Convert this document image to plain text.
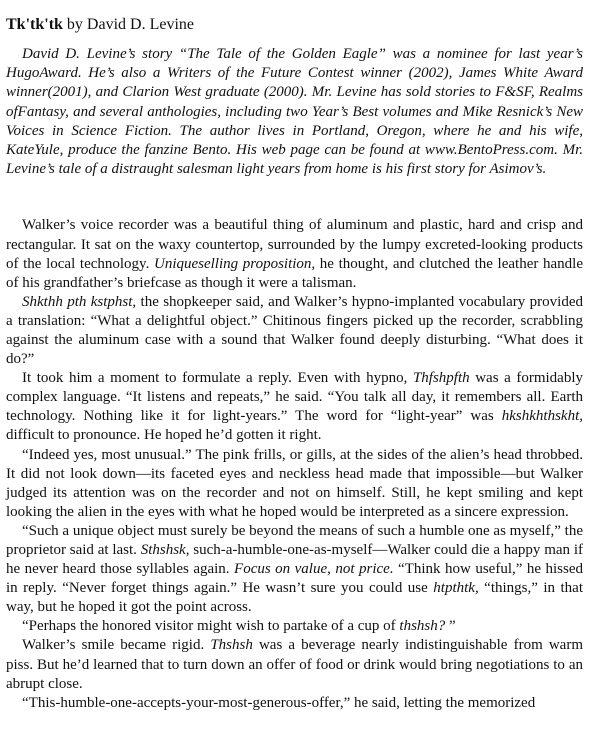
Tk'tk'tk by David D. Levine
David D. Levine’s story “The Tale of the Golden Eagle” was a nominee for last year’s HugoAward. He’s also a Writers of the Future Contest winner (2002), James White Award winner(2001), and Clarion West graduate (2000). Mr. Levine has sold stories to F&SF, Realms ofFantasy, and several anthologies, including two Year’s Best volumes and Mike Resnick’s New Voices in Science Fiction. The author lives in Portland, Oregon, where he and his wife, KateYule, produce the fanzine Bento. His web page can be found at www.BentoPress.com. Mr. Levine’s tale of a distraught salesman light years from home is his first story for Asimov’s.

Walker’s voice recorder was a beautiful thing of aluminum and plastic, hard and crisp and rectangular. It sat on the waxy countertop, surrounded by the lumpy excreted-looking products of the local technology. Uniqueselling proposition, he thought, and clutched the leather handle of his grandfather’s briefcase as though it were a talisman.

Shkthh pth kstphst, the shopkeeper said, and Walker’s hypno-implanted vocabulary provided a translation: “What a delightful object.” Chitinous fingers picked up the recorder, scrabbling against the aluminum case with a sound that Walker found deeply disturbing. “What does it do?”

It took him a moment to formulate a reply. Even with hypno, Thfshpfth was a formidably complex language. “It listens and repeats,” he said. “You talk all day, it remembers all. Earth technology. Nothing like it for light-years.” The word for “light-year” was hkshkhthskht, difficult to pronounce. He hoped he’d gotten it right.

“Indeed yes, most unusual.” The pink frills, or gills, at the sides of the alien’s head throbbed. It did not look down—its faceted eyes and neckless head made that impossible—but Walker judged its attention was on the recorder and not on himself. Still, he kept smiling and kept looking the alien in the eyes with what he hoped would be interpreted as a sincere expression.

“Such a unique object must surely be beyond the means of such a humble one as myself,” the proprietor said at last. Sthshsk, such-a-humble-one-as-myself—Walker could die a happy man if he never heard those syllables again. Focus on value, not price. “Think how useful,” he hissed in reply. “Never forget things again.” He wasn’t sure you could use htpthtk, “things,” in that way, but he hoped it got the point across.

“Perhaps the honored visitor might wish to partake of a cup of thshsh? ”

Walker’s smile became rigid. Thshsh was a beverage nearly indistinguishable from warm piss. But he’d learned that to turn down an offer of food or drink would bring negotiations to an abrupt close.

“This-humble-one-accepts-your-most-generous-offer,” he said, letting the memorized
